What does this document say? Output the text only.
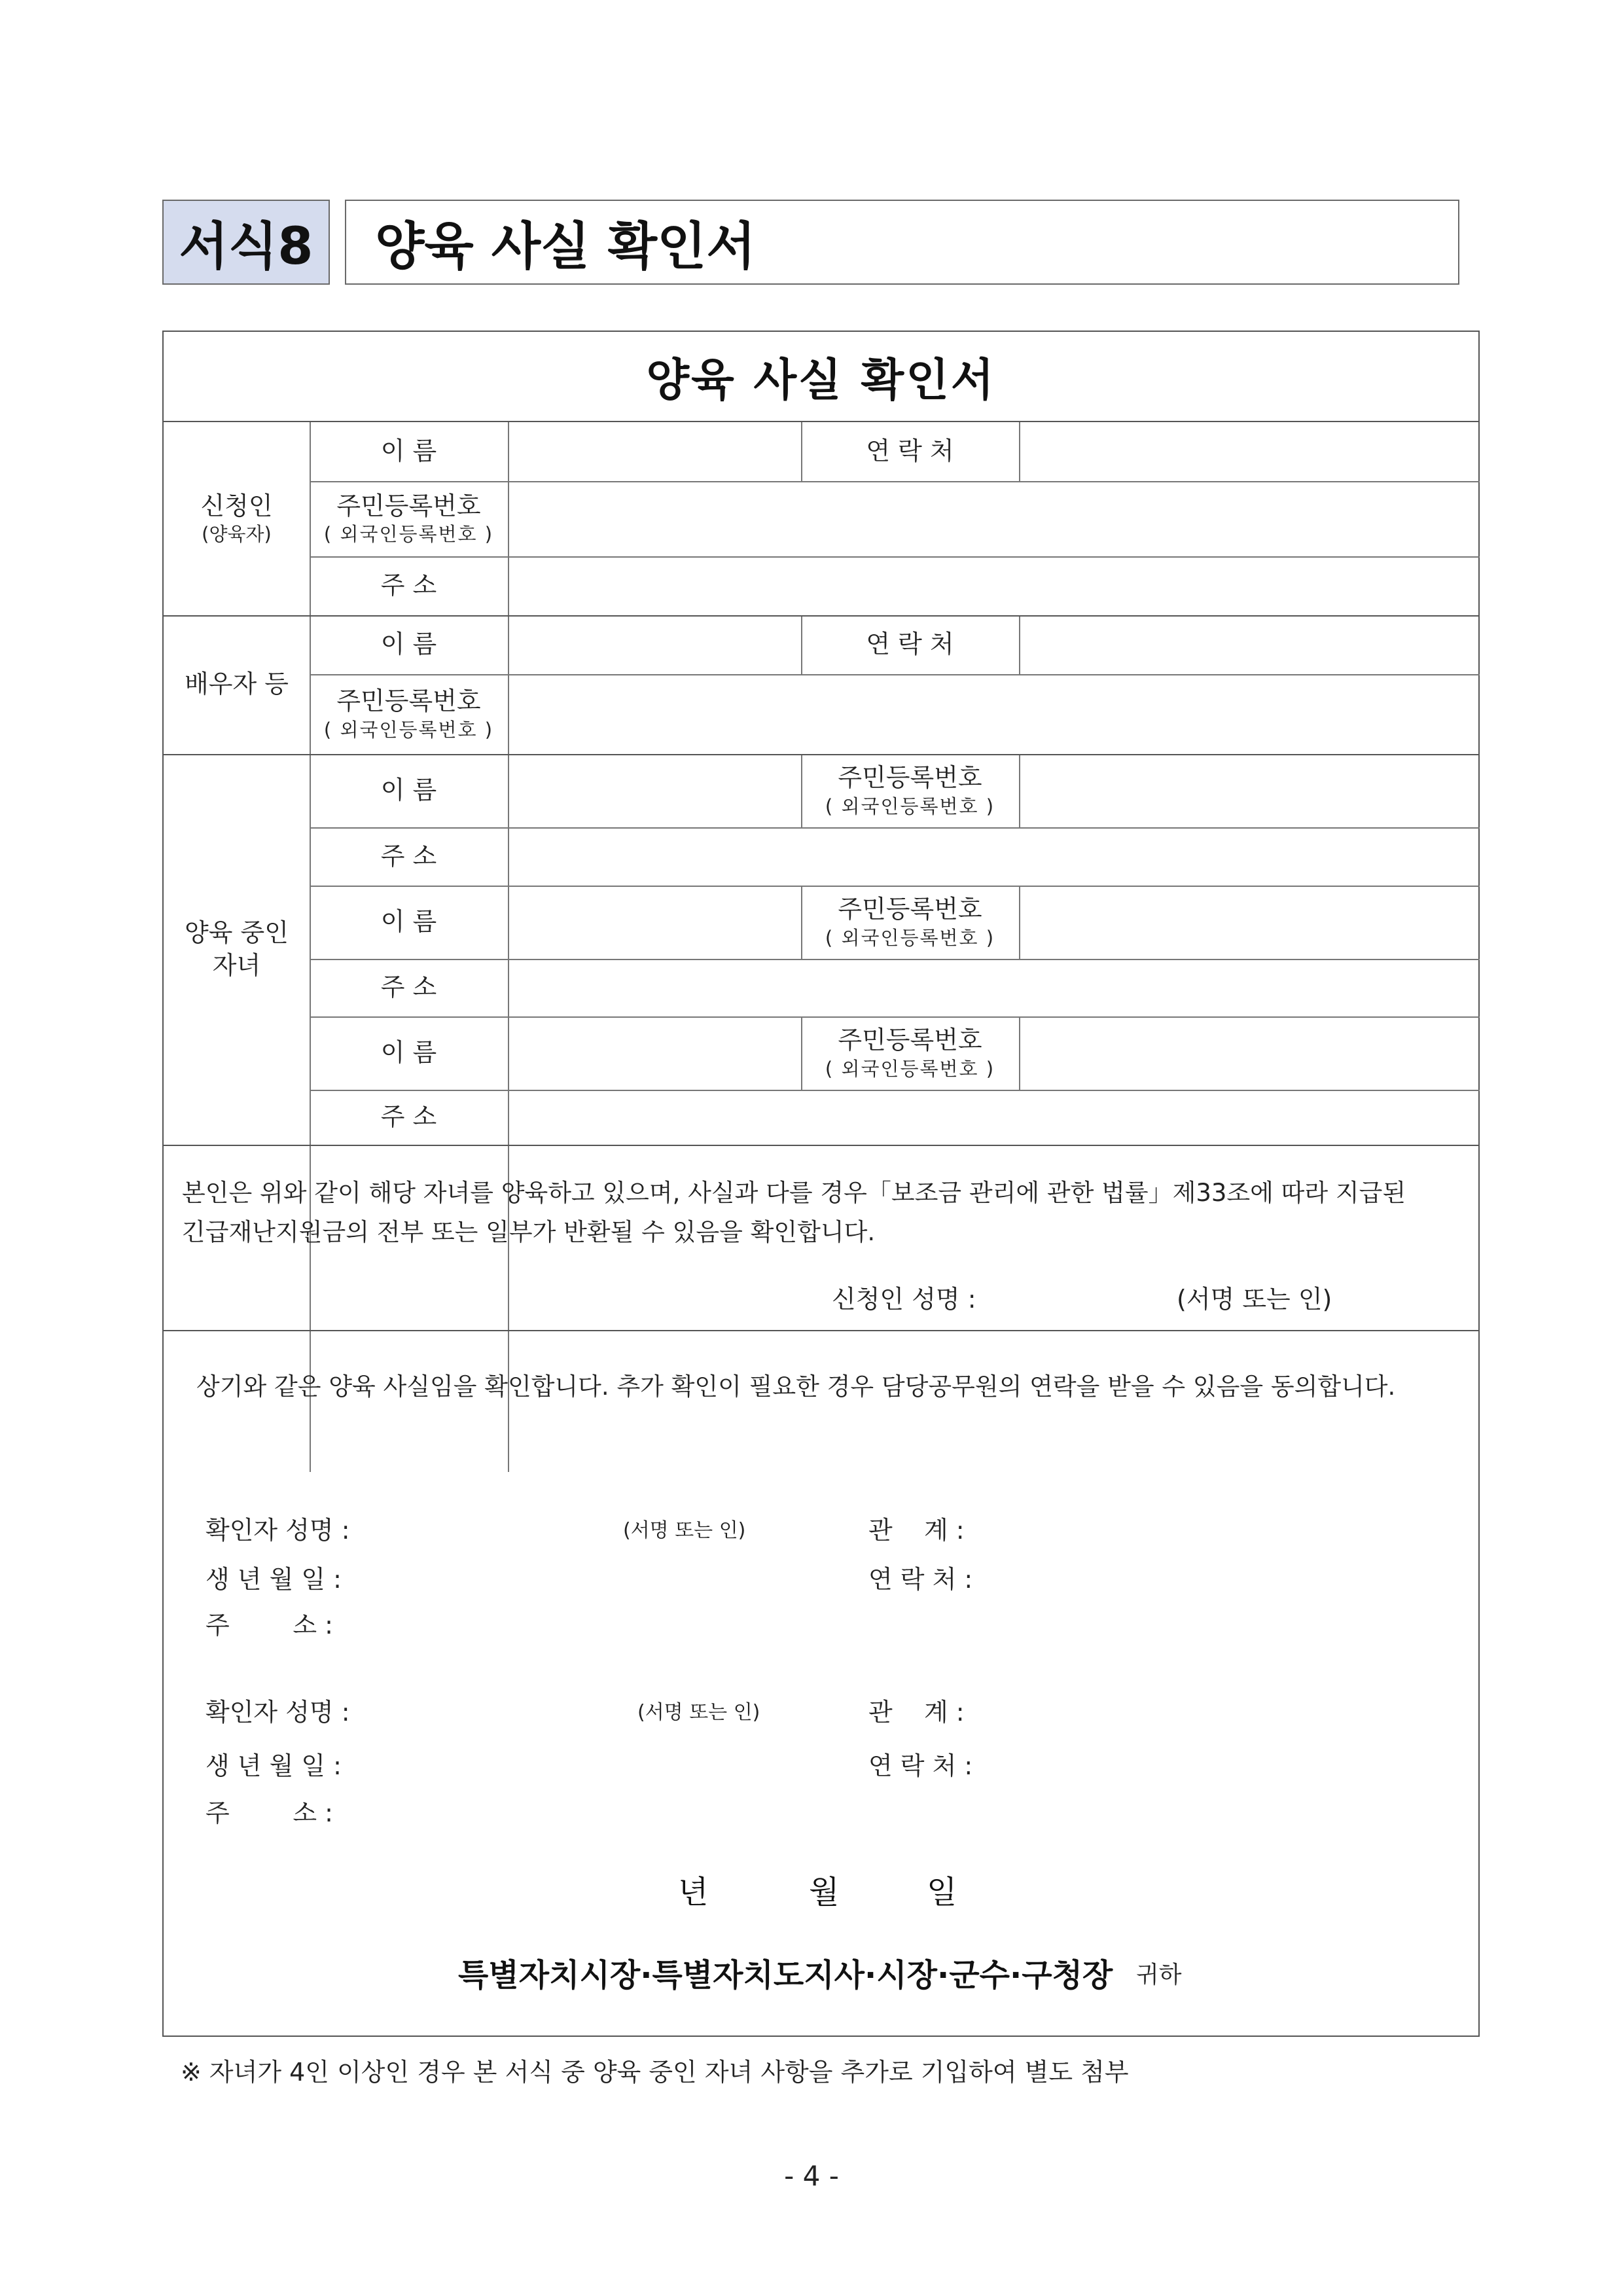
서식8	양육 사실 확인서
양육 사실 확인서
신청인
(양육자)
이 름	연 락 처
주민등록번호
( 외국인등록번호 )
주 소
배우자 등
이 름	연 락 처
주민등록번호
( 외국인등록번호 )
양육 중인
자녀
이 름	주민등록번호
( 외국인등록번호 )
주 소
이 름	주민등록번호
( 외국인등록번호 )
주 소
이 름	주민등록번호
( 외국인등록번호 )
주 소
본인은 위와 같이 해당 자녀를 양육하고 있으며, 사실과 다를 경우「보조금 관리에 관한 법률」제33조에 따라 지급된
긴급재난지원금의 전부 또는 일부가 반환될 수 있음을 확인합니다.
신청인 성명 :	(서명 또는 인)
상기와 같은 양육 사실임을 확인합니다. 추가 확인이 필요한 경우 담당공무원의 연락을 받을 수 있음을 동의합니다.
확인자 성명 :	(서명 또는 인)	관    계 :
생 년 월 일 :	연 락 처 :
주        소 :
확인자 성명 :	(서명 또는 인)	관    계 :
생 년 월 일 :	연 락 처 :
주        소 :
년	월	일
특별자치시장·특별자치도지사·시장·군수·구청장 귀하
※ 자녀가 4인 이상인 경우 본 서식 중 양육 중인 자녀 사항을 추가로 기입하여 별도 첨부
- 4 -
